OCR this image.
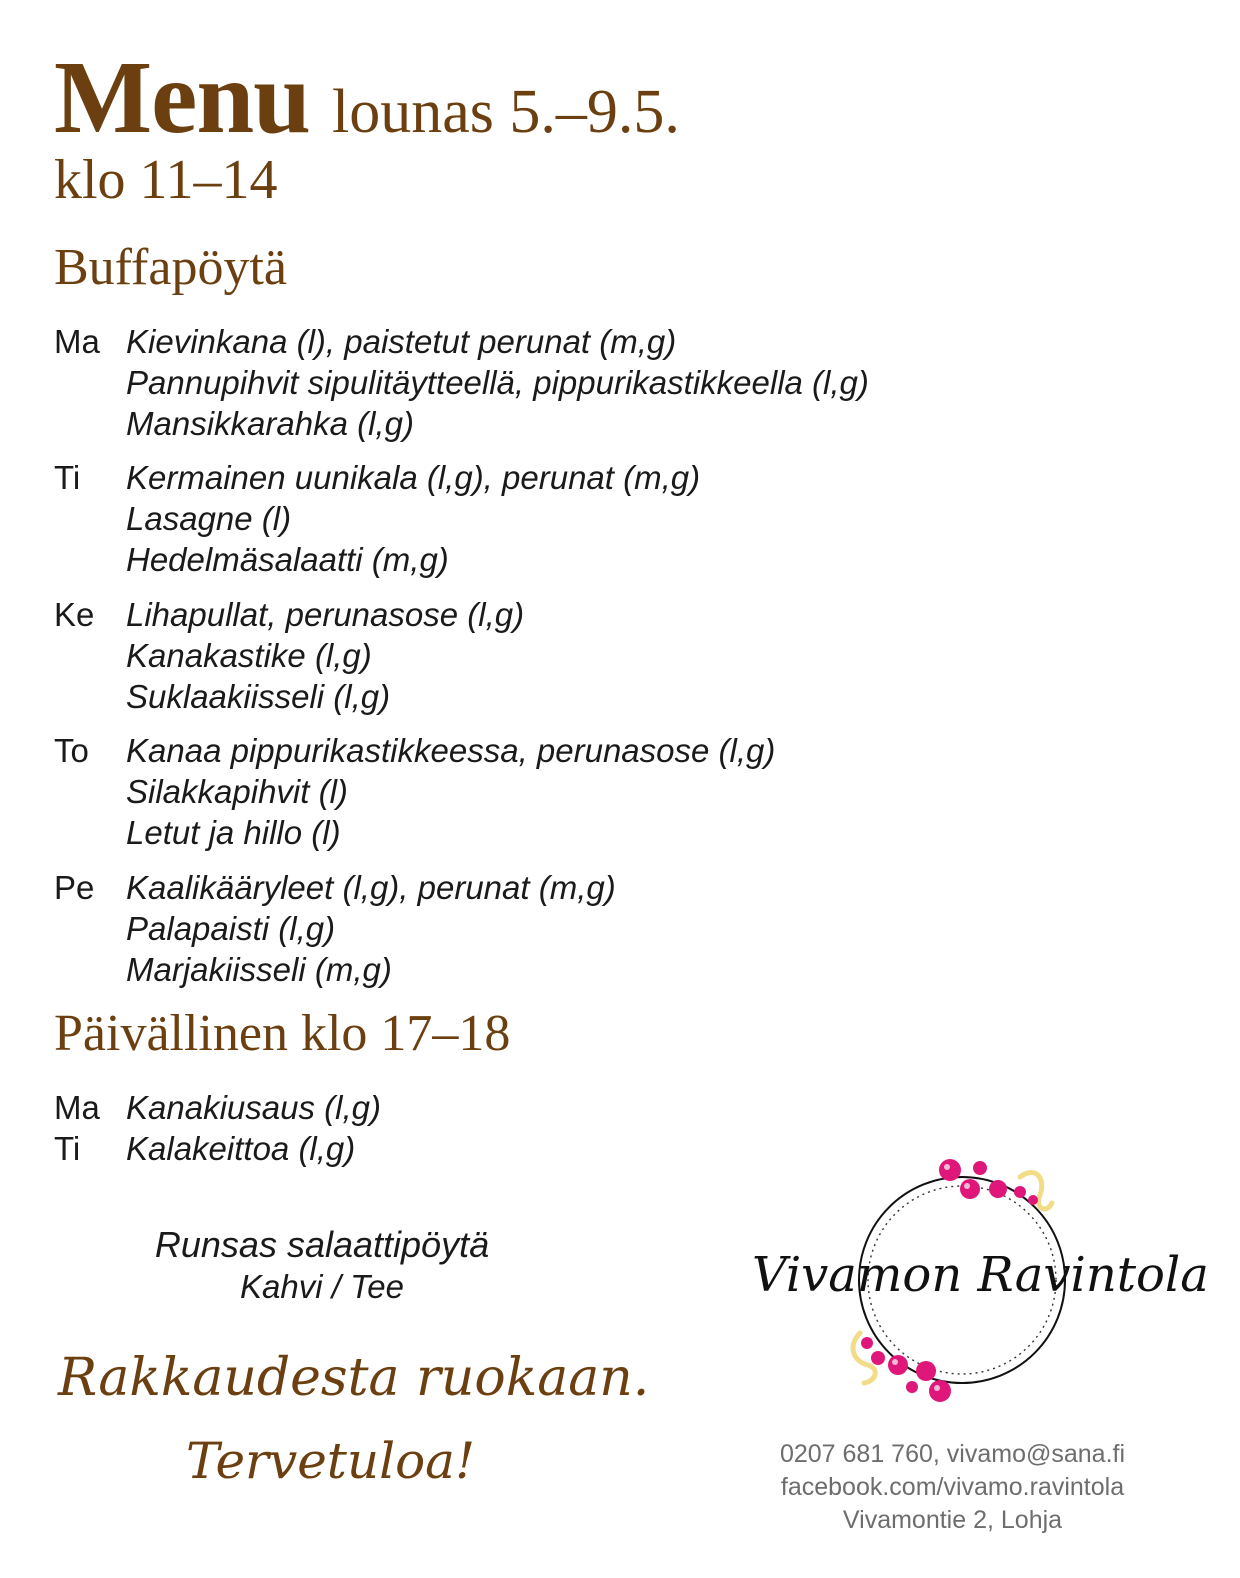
Menu lounas 5.–9.5.
klo 11–14
Buffapöytä
Ma Kievinkana (l), paistetut perunat (m,g)
Pannupihvit sipulitäytteellä, pippurikastikkeella (l,g)
Mansikkarahka (l,g)
Ti Kermainen uunikala (l,g), perunat (m,g)
Lasagne (l)
Hedelmäsalaatti (m,g)
Ke Lihapullat, perunasose (l,g)
Kanakastike (l,g)
Suklaakiisseli (l,g)
To Kanaa pippurikastikkeessa, perunasose (l,g)
Silakkapihvit (l)
Letut ja hillo (l)
Pe Kaalikääryleet (l,g), perunat (m,g)
Palapaisti (l,g)
Marjakiisseli (m,g)
Päivällinen klo 17–18
Ma Kanakiusaus (l,g)
Ti Kalakeittoa (l,g)
Runsas salaattipöytä
Kahvi / Tee
Rakkaudesta ruokaan.
Tervetuloa!
Vivamon Ravintola
0207 681 760, vivamo@sana.fi
facebook.com/vivamo.ravintola
Vivamontie 2, Lohja
